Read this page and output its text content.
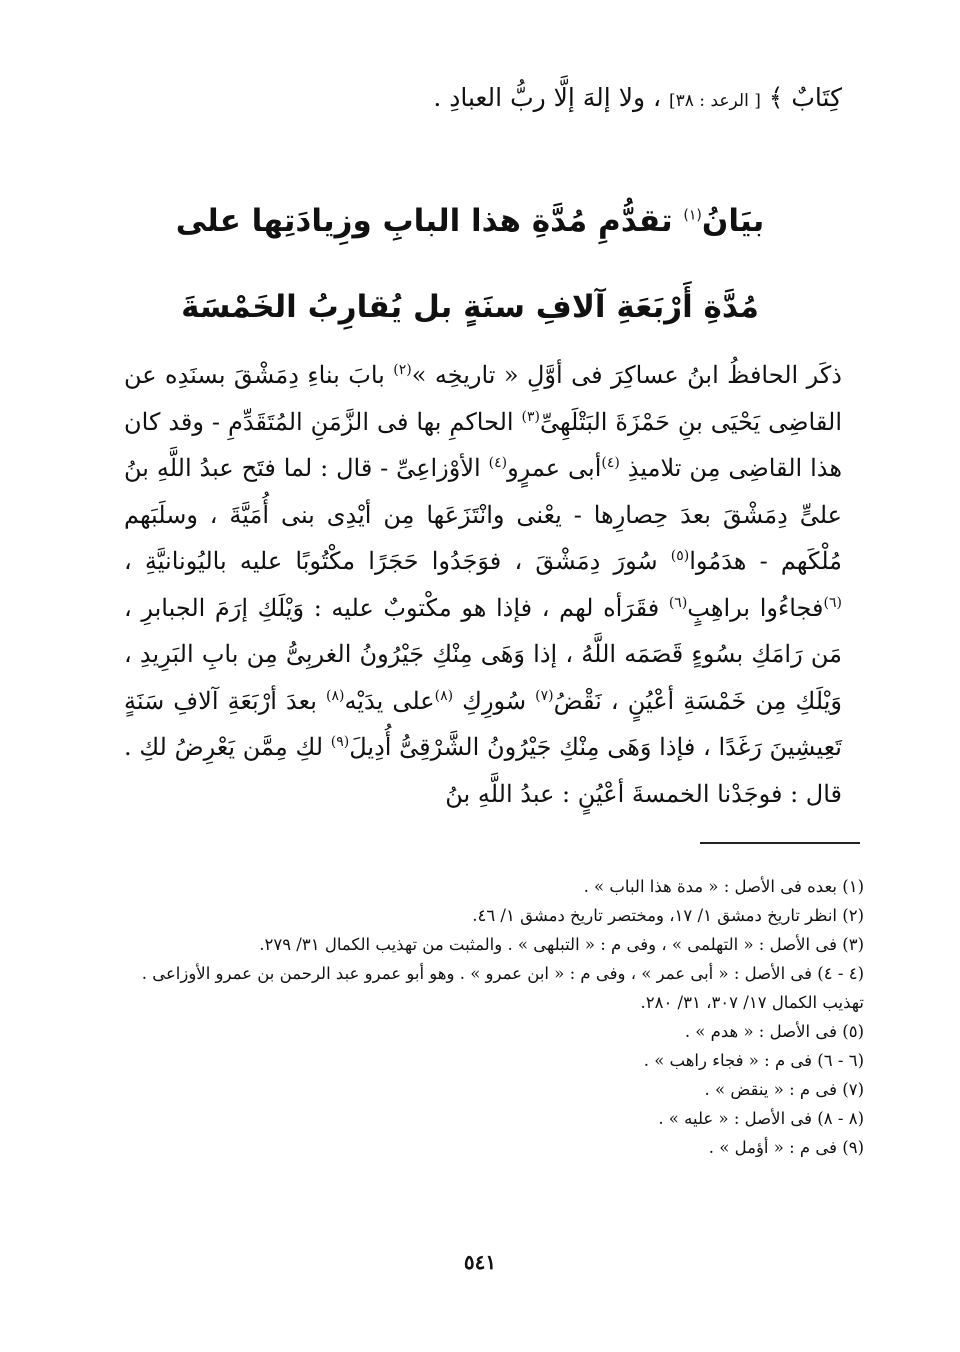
كِتَابٌ ﴾ [ الرعد : ٣٨] ، ولا إلهَ إلَّا ربُّ العبادِ .
بيَانُ$^{(١)}$ تقدُّمِ مُدَّةِ هذا البابِ وزِيادَتِها على
مُدَّةِ أَرْبَعَةِ آلافِ سنَةٍ بل يُقارِبُ الخَمْسَةَ

ذكَر الحافظُ ابنُ عساكِرَ فى أوَّلِ « تاريخِه »$^{(٢)}$ بابَ بناءِ دِمَشْقَ بسنَدِه عن القاضِى يَحْيَى بنِ حَمْزَةَ البَتْلَهِىِّ$^{(٣)}$ الحاكمِ بها فى الزَّمَنِ المُتَقَدِّمِ - وقد كان هذا القاضِى مِن تلاميذِ $^{(٤)}$أبى عمرٍو$^{(٤)}$ الأوْزاعِىِّ - قال : لما فتَح عبدُ اللَّهِ بنُ علىٍّ دِمَشْقَ بعدَ حِصارِها - يعْنى وانْتَزَعَها مِن أيْدِى بنى أُمَيَّةَ ، وسلَبَهم مُلْكَهم - هدَمُوا$^{(٥)}$ سُورَ دِمَشْقَ ، فوَجَدُوا حَجَرًا مكْتُوبًا عليه باليُونانيَّةِ ، $^{(٦)}$فجاءُوا براهِبٍ$^{(٦)}$ فقَرَأه لهم ، فإذا هو مكْتوبٌ عليه : وَيْلَكِ إرَمَ الجبابرِ ، مَن رَامَكِ بسُوءٍ قَصَمَه اللَّهُ ، إذا وَهَى مِنْكِ جَيْرُونُ الغربِىُّ مِن بابِ البَرِيدِ ، وَيْلَكِ مِن خَمْسَةِ أعْيُنٍ ، نَقْضُ$^{(٧)}$ سُورِكِ $^{(٨)}$على يدَيْه$^{(٨)}$ بعدَ أرْبَعَةِ آلافِ سَنَةٍ تَعِيشِينَ رَغَدًا ، فإذا وَهَى مِنْكِ جَيْرُونُ الشَّرْقِىُّ أُدِيلَ$^{(٩)}$ لكِ مِمَّن يَعْرِضُ لكِ . قال : فوجَدْنا الخمسةَ أعْيُنٍ : عبدُ اللَّهِ بنُ

(١) بعده فى الأصل : « مدة هذا الباب » .

(٢) انظر تاريخ دمشق ١/ ١٧، ومختصر تاريخ دمشق ١/ ٤٦.

(٣) فى الأصل : « التهلمى » ، وفى م : « التبلهى » . والمثبت من تهذيب الكمال ٣١/ ٢٧٩.

(٤ - ٤) فى الأصل : « أبى عمر » ، وفى م : « ابن عمرو » . وهو أبو عمرو عبد الرحمن بن عمرو الأوزاعى . تهذيب الكمال ١٧/ ٣٠٧، ٣١/ ٢٨٠.

(٥) فى الأصل : « هدم » .

(٦ - ٦) فى م : « فجاء راهب » .

(٧) فى م : « ينقض » .

(٨ - ٨) فى الأصل : « عليه » .

(٩) فى م : « أؤمل » .

٥٤١
